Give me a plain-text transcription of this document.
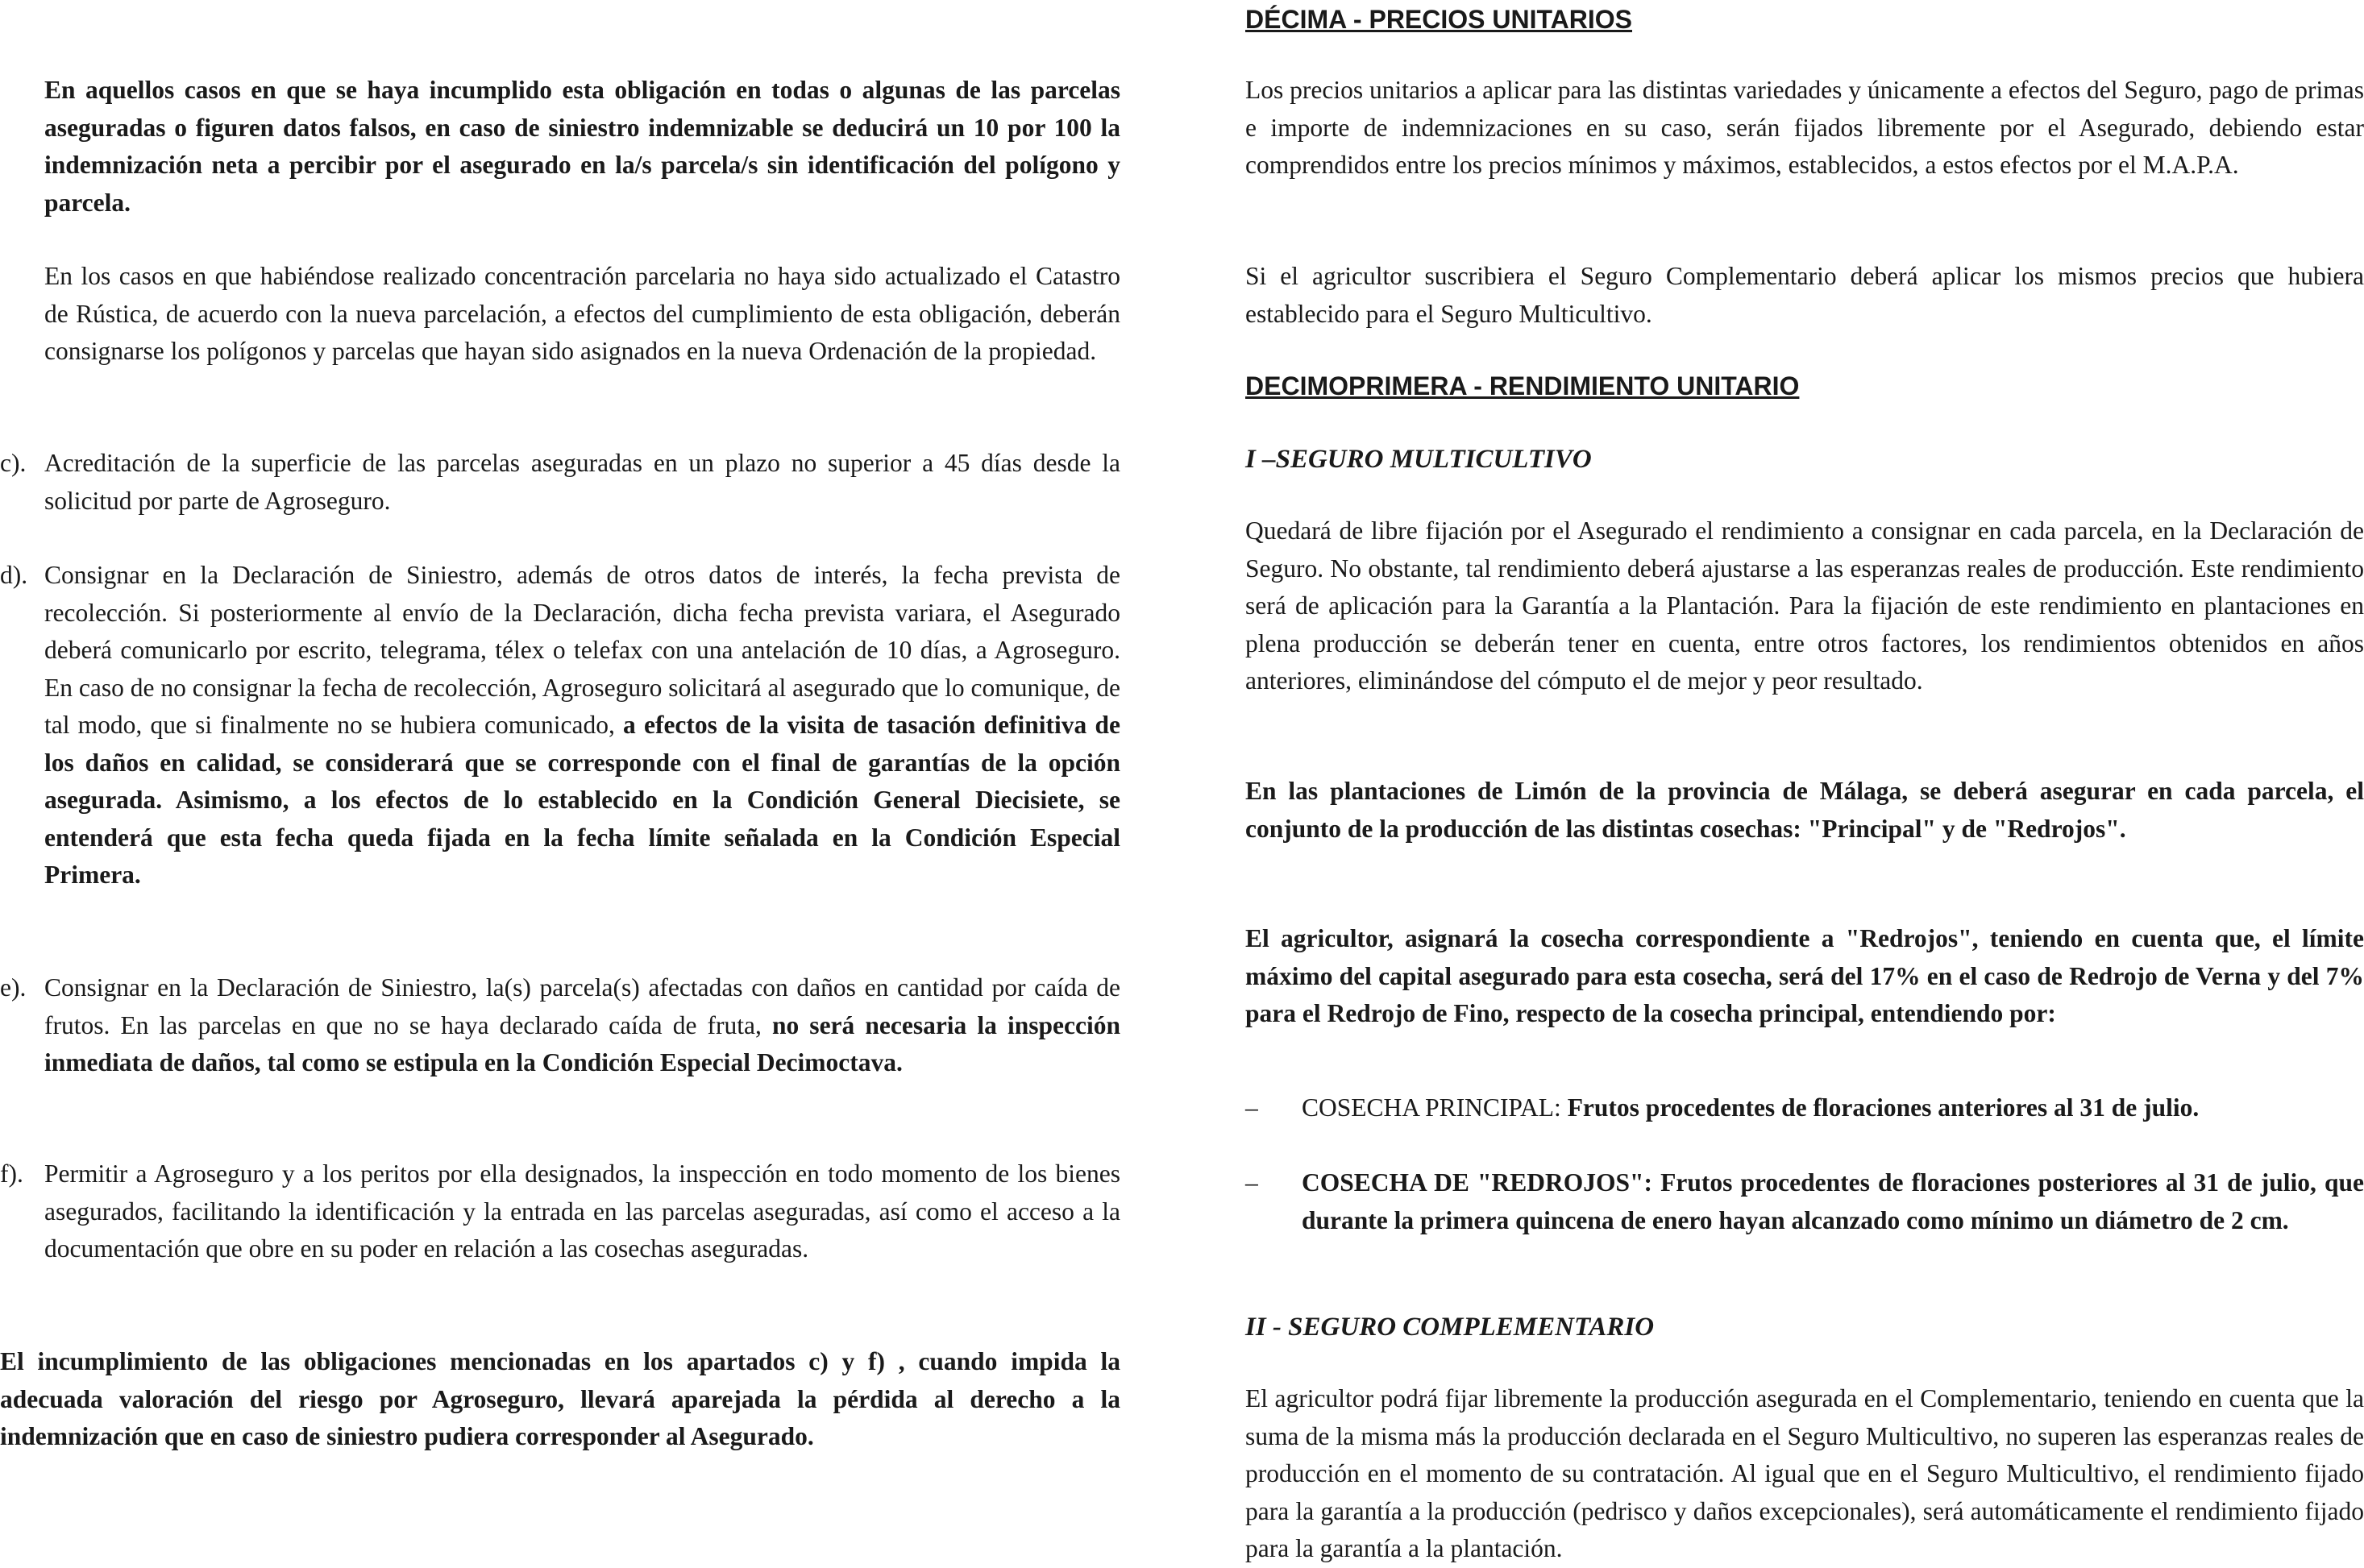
En aquellos casos en que se haya incumplido esta obligación en todas o algunas de las parcelas aseguradas o figuren datos falsos, en caso de siniestro indemnizable se deducirá un 10 por 100 la indemnización neta a percibir por el asegurado en la/s parcela/s sin identificación del polígono y parcela.

En los casos en que habiéndose realizado concentración parcelaria no haya sido actualizado el Catastro de Rústica, de acuerdo con la nueva parcelación, a efectos del cumplimiento de esta obligación, deberán consignarse los polígonos y parcelas que hayan sido asignados en la nueva Ordenación de la propiedad.

c). Acreditación de la superficie de las parcelas aseguradas en un plazo no superior a 45 días desde la solicitud por parte de Agroseguro.

d). Consignar en la Declaración de Siniestro, además de otros datos de interés, la fecha prevista de recolección. Si posteriormente al envío de la Declaración, dicha fecha prevista variara, el Asegurado deberá comunicarlo por escrito, telegrama, télex o telefax con una antelación de 10 días, a Agroseguro. En caso de no consignar la fecha de recolección, Agroseguro solicitará al asegurado que lo comunique, de tal modo, que si finalmente no se hubiera comunicado, a efectos de la visita de tasación definitiva de los daños en calidad, se considerará que se corresponde con el final de garantías de la opción asegurada. Asimismo, a los efectos de lo establecido en la Condición General Diecisiete, se entenderá que esta fecha queda fijada en la fecha límite señalada en la Condición Especial Primera.

e). Consignar en la Declaración de Siniestro, la(s) parcela(s) afectadas con daños en cantidad por caída de frutos. En las parcelas en que no se haya declarado caída de fruta, no será necesaria la inspección inmediata de daños, tal como se estipula en la Condición Especial Decimoctava.

f). Permitir a Agroseguro y a los peritos por ella designados, la inspección en todo momento de los bienes asegurados, facilitando la identificación y la entrada en las parcelas aseguradas, así como el acceso a la documentación que obre en su poder en relación a las cosechas aseguradas.

El incumplimiento de las obligaciones mencionadas en los apartados c) y f) , cuando impida la adecuada valoración del riesgo por Agroseguro, llevará aparejada la pérdida al derecho a la indemnización que en caso de siniestro pudiera corresponder al Asegurado.

DÉCIMA - PRECIOS UNITARIOS

Los precios unitarios a aplicar para las distintas variedades y únicamente a efectos del Seguro, pago de primas e importe de indemnizaciones en su caso, serán fijados libremente por el Asegurado, debiendo estar comprendidos entre los precios mínimos y máximos, establecidos, a estos efectos por el M.A.P.A.

Si el agricultor suscribiera el Seguro Complementario deberá aplicar los mismos precios que hubiera establecido para el Seguro Multicultivo.

DECIMOPRIMERA - RENDIMIENTO UNITARIO
I –SEGURO MULTICULTIVO

Quedará de libre fijación por el Asegurado el rendimiento a consignar en cada parcela, en la Declaración de Seguro. No obstante, tal rendimiento deberá ajustarse a las esperanzas reales de producción. Este rendimiento será de aplicación para la Garantía a la Plantación. Para la fijación de este rendimiento en plantaciones en plena producción se deberán tener en cuenta, entre otros factores, los rendimientos obtenidos en años anteriores, eliminándose del cómputo el de mejor y peor resultado.

En las plantaciones de Limón de la provincia de Málaga, se deberá asegurar en cada parcela, el conjunto de la producción de las distintas cosechas: "Principal" y de "Redrojos".

El agricultor, asignará la cosecha correspondiente a "Redrojos", teniendo en cuenta que, el límite máximo del capital asegurado para esta cosecha, será del 17% en el caso de Redrojo de Verna y del 7% para el Redrojo de Fino, respecto de la cosecha principal, entendiendo por:

– COSECHA PRINCIPAL: Frutos procedentes de floraciones anteriores al 31 de julio.

– COSECHA DE "REDROJOS": Frutos procedentes de floraciones posteriores al 31 de julio, que durante la primera quincena de enero hayan alcanzado como mínimo un diámetro de 2 cm.

II - SEGURO COMPLEMENTARIO

El agricultor podrá fijar libremente la producción asegurada en el Complementario, teniendo en cuenta que la suma de la misma más la producción declarada en el Seguro Multicultivo, no superen las esperanzas reales de producción en el momento de su contratación. Al igual que en el Seguro Multicultivo, el rendimiento fijado para la garantía a la producción (pedrisco y daños excepcionales), será automáticamente el rendimiento fijado para la garantía a la plantación.
